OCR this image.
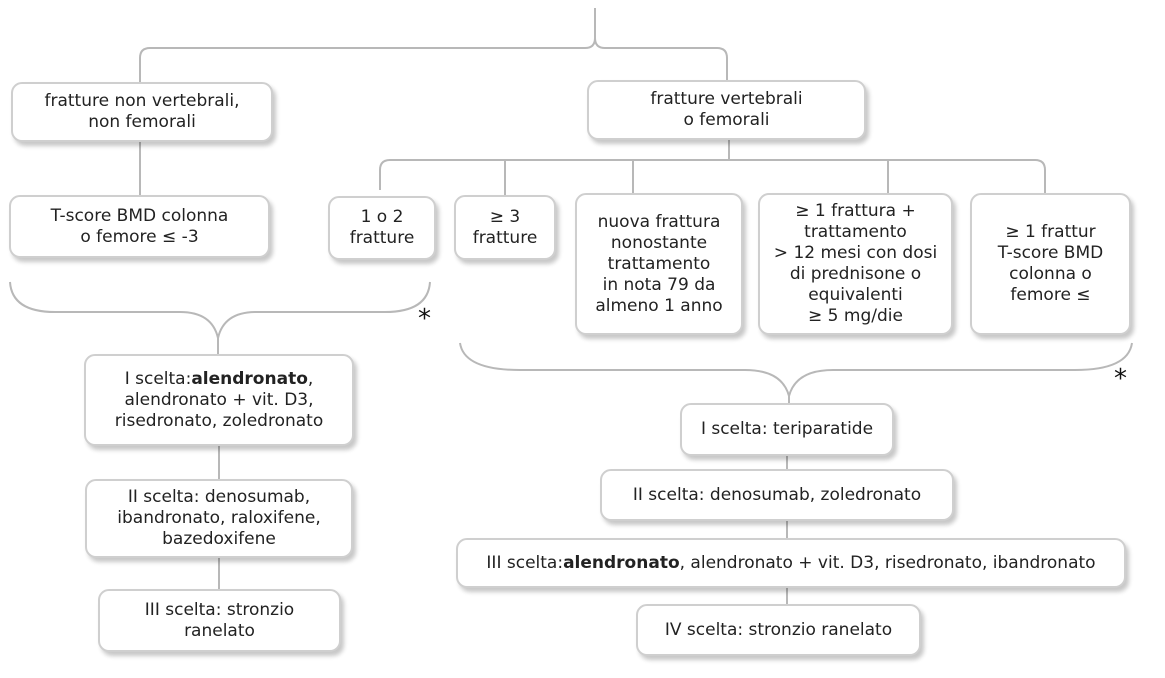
fratture non vertebrali,
non femorali
T-score BMD colonna
o femore ≤ -3
1 o 2
fratture
*
I scelta:alendronato,
alendronato + vit. D3,
risedronato, zoledronato
II scelta: denosumab,
ibandronato, raloxifene,
bazedoxifene
III scelta: stronzio
ranelato
fratture vertebrali
o femorali
≥ 3
fratture
nuova frattura
nonostante
trattamento
in nota 79 da
almeno 1 anno
≥ 1 frattura +
trattamento
> 12 mesi con dosi
di prednisone o
equivalenti
≥ 5 mg/die
≥ 1 frattur
T-score BMD
colonna o
femore ≤
*
I scelta: teriparatide
II scelta: denosumab, zoledronato
III scelta:alendronato, alendronato + vit. D3, risedronato, ibandronato
IV scelta: stronzio ranelato
